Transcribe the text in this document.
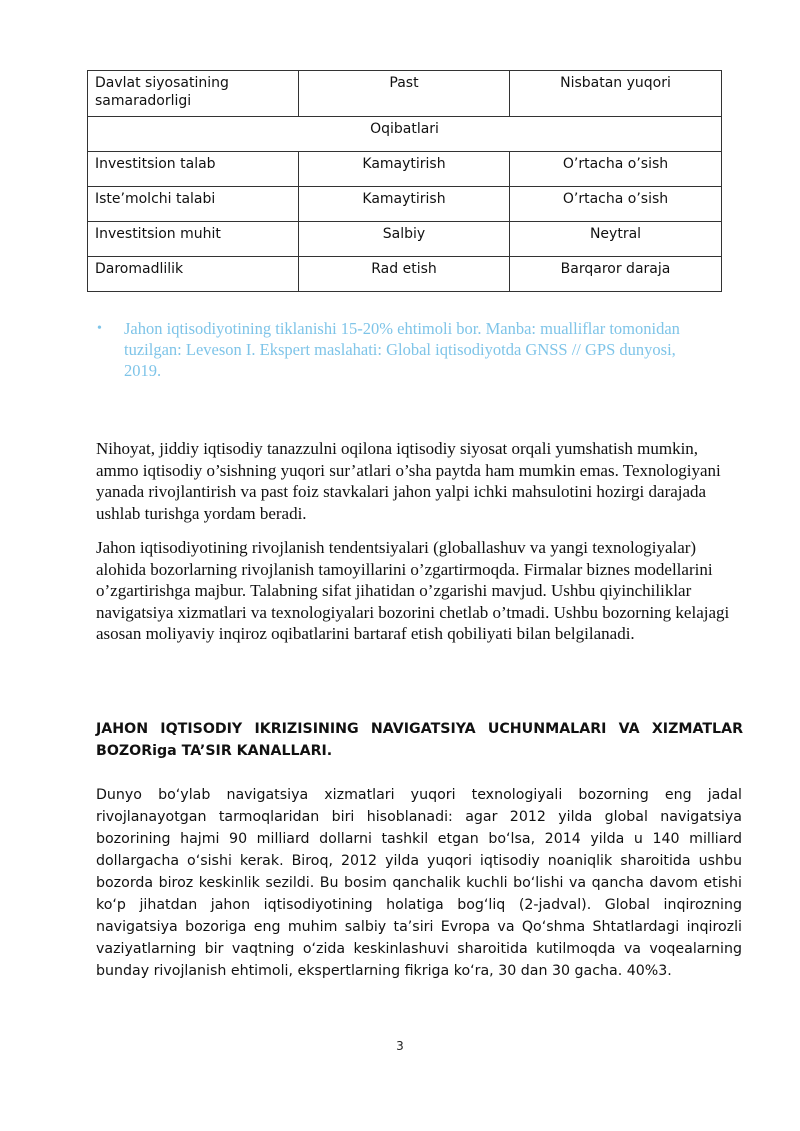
Davlat siyosatining samaradorligi	Past	Nisbatan yuqori
Oqibatlari		
Investitsion talab	Kamaytirish	O’rtacha o’sish
Iste’molchi talabi	Kamaytirish	O’rtacha o’sish
Investitsion muhit	Salbiy	Neytral
Daromadlilik	Rad etish	Barqaror daraja
• Jahon iqtisodiyotining tiklanishi 15-20% ehtimoli bor. Manba: mualliflar tomonidan tuzilgan: Leveson I. Ekspert maslahati: Global iqtisodiyotda GNSS // GPS dunyosi, 2019.

Nihoyat, jiddiy iqtisodiy tanazzulni oqilona iqtisodiy siyosat orqali yumshatish mumkin, ammo iqtisodiy o’sishning yuqori sur’atlari o’sha paytda ham mumkin emas. Texnologiyani yanada rivojlantirish va past foiz stavkalari jahon yalpi ichki mahsulotini hozirgi darajada ushlab turishga yordam beradi.

Jahon iqtisodiyotining rivojlanish tendentsiyalari (globallashuv va yangi texnologiyalar) alohida bozorlarning rivojlanish tamoyillarini o’zgartirmoqda. Firmalar biznes modellarini o’zgartirishga majbur. Talabning sifat jihatidan o’zgarishi mavjud. Ushbu qiyinchiliklar navigatsiya xizmatlari va texnologiyalari bozorini chetlab o’tmadi. Ushbu bozorning kelajagi asosan moliyaviy inqiroz oqibatlarini bartaraf etish qobiliyati bilan belgilanadi.

JAHON IQTISODIY IKRIZISINING NAVIGATSIYA UCHUNMALARI VA XIZMATLAR
BOZORiga TA’SIR KANALLARI.

Dunyo bo‘ylab navigatsiya xizmatlari yuqori texnologiyali bozorning eng jadal rivojlanayotgan tarmoqlaridan biri hisoblanadi: agar 2012 yilda global navigatsiya bozorining hajmi 90 milliard dollarni tashkil etgan bo‘lsa, 2014 yilda u 140 milliard dollargacha o‘sishi kerak. Biroq, 2012 yilda yuqori iqtisodiy noaniqlik sharoitida ushbu bozorda biroz keskinlik sezildi. Bu bosim qanchalik kuchli bo‘lishi va qancha davom etishi ko‘p jihatdan jahon iqtisodiyotining holatiga bog‘liq (2-jadval). Global inqirozning navigatsiya bozoriga eng muhim salbiy ta’siri Evropa va Qo‘shma Shtatlardagi inqirozli vaziyatlarning bir vaqtning o‘zida keskinlashuvi sharoitida kutilmoqda va voqealarning bunday rivojlanish ehtimoli, ekspertlarning fikriga ko‘ra, 30 dan 30 gacha. 40%3.

3
